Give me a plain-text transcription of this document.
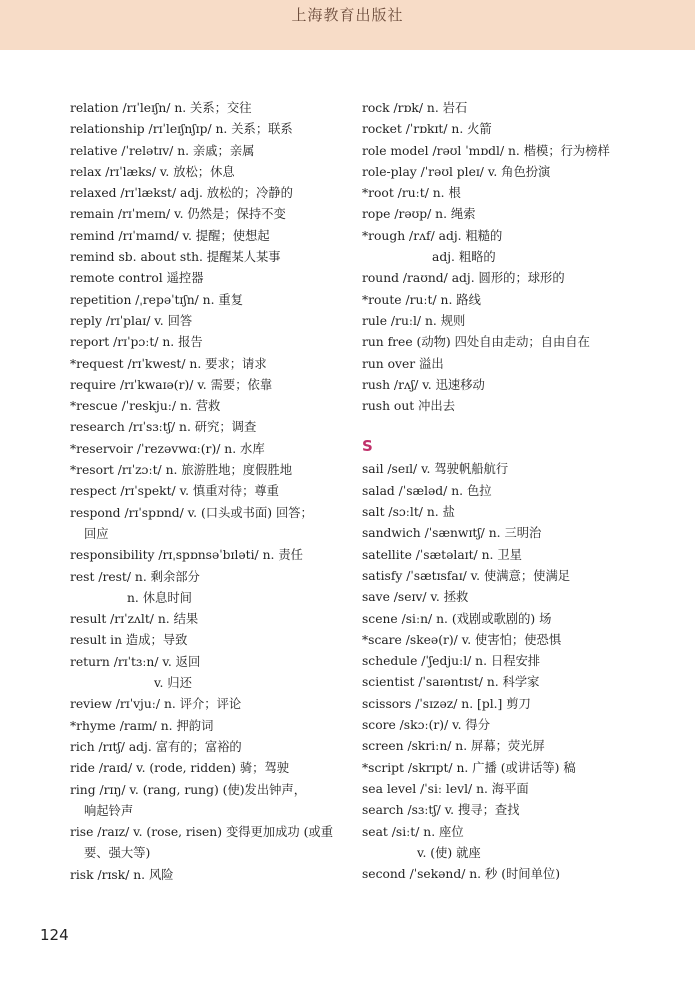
上海教育出版社
relation /rɪˈleɪʃn/ n. 关系；交往
relationship /rɪˈleɪʃnʃɪp/ n. 关系；联系
relative /ˈrelətɪv/ n. 亲戚；亲属
relax /rɪˈlæks/ v. 放松；休息
relaxed /rɪˈlækst/ adj. 放松的；冷静的
remain /rɪˈmeɪn/ v. 仍然是；保持不变
remind /rɪˈmaɪnd/ v. 提醒；使想起
remind sb. about sth. 提醒某人某事
remote control 遥控器
repetition /ˌrepəˈtɪʃn/ n. 重复
reply /rɪˈplaɪ/ v. 回答
report /rɪˈpɔːt/ n. 报告
*request /rɪˈkwest/ n. 要求；请求
require /rɪˈkwaɪə(r)/ v. 需要；依靠
*rescue /ˈreskjuː/ n. 营救
research /rɪˈsɜːtʃ/ n. 研究；调查
*reservoir /ˈrezəvwɑː(r)/ n. 水库
*resort /rɪˈzɔːt/ n. 旅游胜地；度假胜地
respect /rɪˈspekt/ v. 慎重对待；尊重
respond /rɪˈspɒnd/ v. (口头或书面) 回答；
回应
responsibility /rɪˌspɒnsəˈbɪləti/ n. 责任
rest /rest/ n. 剩余部分
n. 休息时间
result /rɪˈzʌlt/ n. 结果
result in 造成；导致
return /rɪˈtɜːn/ v. 返回
v. 归还
review /rɪˈvjuː/ n. 评介；评论
*rhyme /raɪm/ n. 押韵词
rich /rɪtʃ/ adj. 富有的；富裕的
ride /raɪd/ v. (rode, ridden) 骑；驾驶
ring /rɪŋ/ v. (rang, rung) (使)发出钟声，响起铃声
rise /raɪz/ v. (rose, risen) 变得更加成功 (或重要、强大等)
risk /rɪsk/ n. 风险
rock /rɒk/ n. 岩石
rocket /ˈrɒkɪt/ n. 火箭
role model /rəʊl ˈmɒdl/ n. 楷模；行为榜样
role-play /ˈrəʊl pleɪ/ v. 角色扮演
*root /ruːt/ n. 根
rope /rəʊp/ n. 绳索
*rough /rʌf/ adj. 粗糙的
adj. 粗略的
round /raʊnd/ adj. 圆形的；球形的
*route /ruːt/ n. 路线
rule /ruːl/ n. 规则
run free (动物) 四处自由走动；自由自在
run over 溢出
rush /rʌʃ/ v. 迅速移动
rush out 冲出去
S
sail /seɪl/ v. 驾驶帆船航行
salad /ˈsæləd/ n. 色拉
salt /sɔːlt/ n. 盐
sandwich /ˈsænwɪtʃ/ n. 三明治
satellite /ˈsætəlaɪt/ n. 卫星
satisfy /ˈsætɪsfaɪ/ v. 使满意；使满足
save /seɪv/ v. 拯救
scene /siːn/ n. (戏剧或歌剧的) 场
*scare /skeə(r)/ v. 使害怕；使恐惧
schedule /ˈʃedjuːl/ n. 日程安排
scientist /ˈsaɪəntɪst/ n. 科学家
scissors /ˈsɪzəz/ n. [pl.] 剪刀
score /skɔː(r)/ v. 得分
screen /skriːn/ n. 屏幕；荧光屏
*script /skrɪpt/ n. 广播 (或讲话等) 稿
sea level /ˈsiː levl/ n. 海平面
search /sɜːtʃ/ v. 搜寻；查找
seat /siːt/ n. 座位
v. (使) 就座
second /ˈsekənd/ n. 秒 (时间单位)
124
